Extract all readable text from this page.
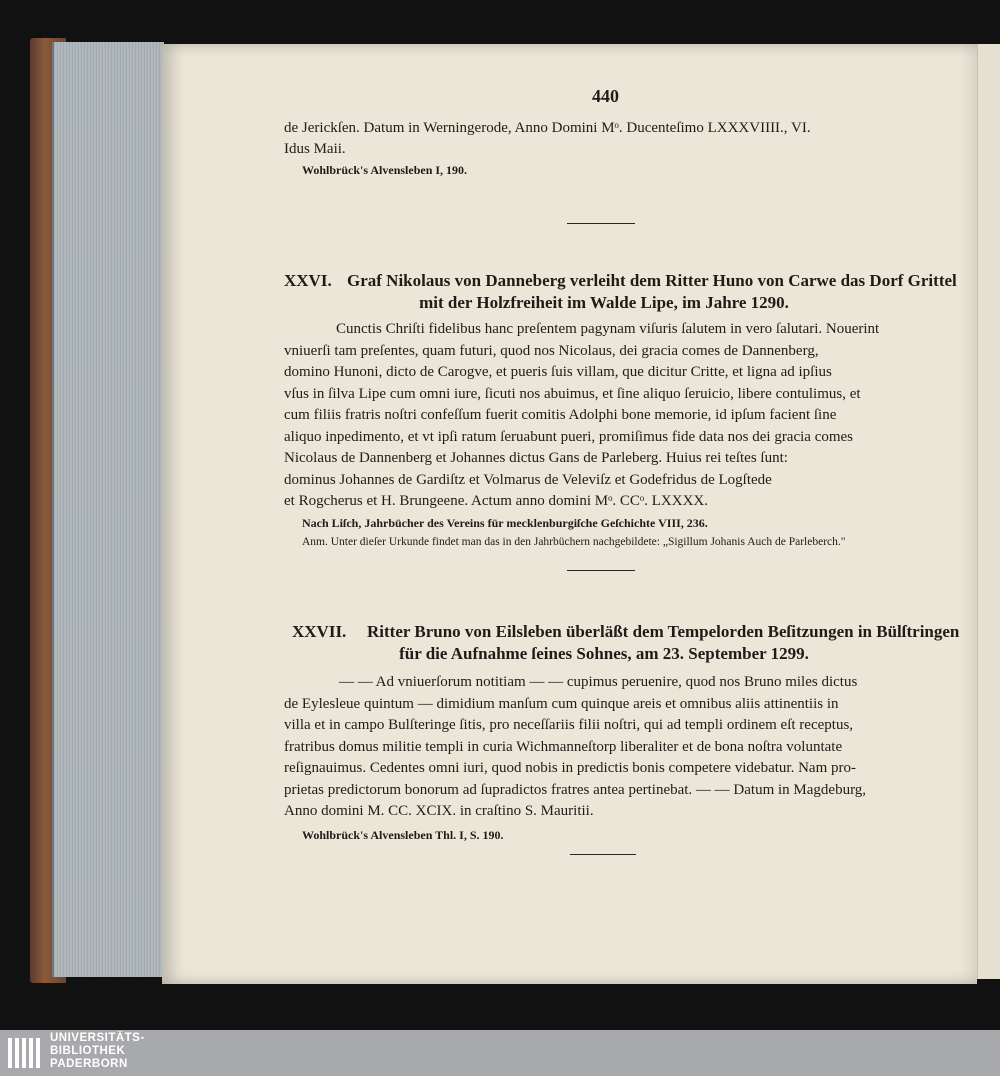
440
de Jerickſen. Datum in Werningerode, Anno Domini Mᵒ. Ducenteſimo LXXXVIIII., VI.
Idus Maii.
Wohlbrück's Alvensleben I, 190.
XXVI. Graf Nikolaus von Danneberg verleiht dem Ritter Huno von Carwe das Dorf Grittel
mit der Holzfreiheit im Walde Lipe, im Jahre 1290.
Cunctis Chriſti fidelibus hanc preſentem pagynam viſuris ſalutem in vero ſalutari. Nouerint
vniuerſi tam preſentes, quam futuri, quod nos Nicolaus, dei gracia comes de Dannenberg,
domino Hunoni, dicto de Carogve, et pueris ſuis villam, que dicitur Critte, et ligna ad ipſius
vſus in ſilva Lipe cum omni iure, ſicuti nos abuimus, et ſine aliquo ſeruicio, libere contulimus, et
cum filiis fratris noſtri confeſſum fuerit comitis Adolphi bone memorie, id ipſum facient ſine
aliquo inpedimento, et vt ipſi ratum ſeruabunt pueri, promiſimus fide data nos dei gracia comes
Nicolaus de Dannenberg et Johannes dictus Gans de Parleberg. Huius rei teſtes ſunt:
dominus Johannes de Gardiſtz et Volmarus de Veleviſz et Godefridus de Logſtede
et Rogcherus et H. Brungeene. Actum anno domini Mᵒ. CCᵒ. LXXXX.
Nach Liſch, Jahrbücher des Vereins für mecklenburgiſche Geſchichte VIII, 236.
Anm. Unter dieſer Urkunde findet man das in den Jahrbüchern nachgebildete: „Sigillum Johanis Auch de Parleberch."
XXVII. Ritter Bruno von Eilsleben überläßt dem Tempelorden Beſitzungen in Bülſtringen
für die Aufnahme ſeines Sohnes, am 23. September 1299.
— — Ad vniuerſorum notitiam — — cupimus peruenire, quod nos Bruno miles dictus
de Eylesleue quintum — dimidium manſum cum quinque areis et omnibus aliis attinentiis in
villa et in campo Bulſteringe ſitis, pro neceſſariis filii noſtri, qui ad templi ordinem eſt receptus,
fratribus domus militie templi in curia Wichmanneſtorp liberaliter et de bona noſtra voluntate
reſignauimus. Cedentes omni iuri, quod nobis in predictis bonis competere videbatur. Nam pro-
prietas predictorum bonorum ad ſupradictos fratres antea pertinebat. — — Datum in Magdeburg,
Anno domini M. CC. XCIX. in craſtino S. Mauritii.
Wohlbrück's Alvensleben Thl. I, S. 190.
UNIVERSITÄTS-
BIBLIOTHEK
PADERBORN
